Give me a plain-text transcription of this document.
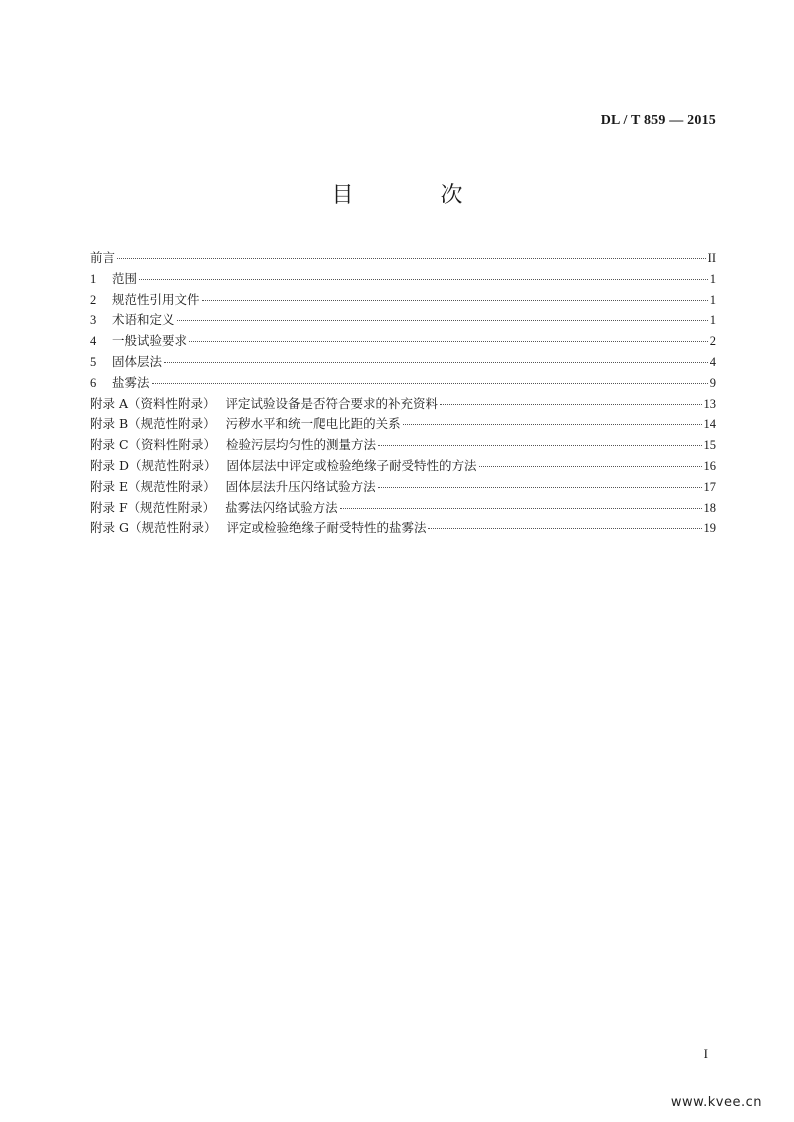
DL / T 859 — 2015
目 次
前言	II
1	范围	1
2	规范性引用文件	1
3	术语和定义	1
4	一般试验要求	2
5	固体层法	4
6	盐雾法	9
附录 A（资料性附录） 评定试验设备是否符合要求的补充资料	13
附录 B（规范性附录） 污秽水平和统一爬电比距的关系	14
附录 C（资料性附录） 检验污层均匀性的测量方法	15
附录 D（规范性附录） 固体层法中评定或检验绝缘子耐受特性的方法	16
附录 E（规范性附录） 固体层法升压闪络试验方法	17
附录 F（规范性附录） 盐雾法闪络试验方法	18
附录 G（规范性附录） 评定或检验绝缘子耐受特性的盐雾法	19
I
www.kvee.cn
